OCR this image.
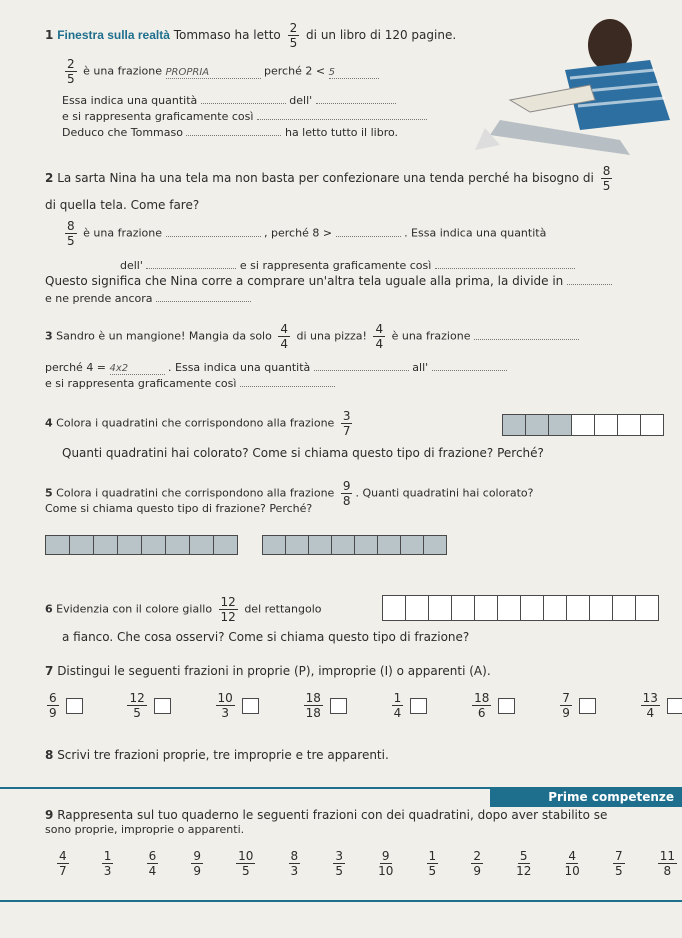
1 Finestra sulla realtà Tommaso ha letto $\frac{2}{5}$ di un libro di 120 pagine.
$\frac{2}{5}$ è una frazione PROPRIA	perché 2 < 5
Essa indica una quantità	dell'
e si rappresenta graficamente così
Deduco che Tommaso	ha letto tutto il libro.
2 La sarta Nina ha una tela ma non basta per confezionare una tenda perché ha bisogno di $\frac{8}{5}$
di quella tela. Come fare?
$\frac{8}{5}$ è una frazione	, perché 8 >	. Essa indica una quantità
dell'	e si rappresenta graficamente così
Questo significa che Nina corre a comprare un'altra tela uguale alla prima, la divide in
e ne prende ancora
3 Sandro è un mangione! Mangia da solo $\frac{4}{4}$ di una pizza! $\frac{4}{4}$ è una frazione
perché 4 = 4x2	. Essa indica una quantità	all'
e si rappresenta graficamente così
4 Colora i quadratini che corrispondono alla frazione $\frac{3}{7}$
Quanti quadratini hai colorato? Come si chiama questo tipo di frazione? Perché?
5 Colora i quadratini che corrispondono alla frazione $\frac{9}{8}$ . Quanti quadratini hai colorato?
Come si chiama questo tipo di frazione? Perché?
6 Evidenzia con il colore giallo $\frac{12}{12}$ del rettangolo
a fianco. Che cosa osservi? Come si chiama questo tipo di frazione?
7 Distingui le seguenti frazioni in proprie (P), improprie (I) o apparenti (A).
$\frac{6}{9}$	$\frac{12}{5}$	$\frac{10}{3}$	$\frac{18}{18}$	$\frac{1}{4}$	$\frac{18}{6}$	$\frac{7}{9}$	$\frac{13}{4}$
8 Scrivi tre frazioni proprie, tre improprie e tre apparenti.
Prime competenze
9 Rappresenta sul tuo quaderno le seguenti frazioni con dei quadratini, dopo aver stabilito se
sono proprie, improprie o apparenti.
$\frac{4}{7}$	$\frac{1}{3}$	$\frac{6}{4}$	$\frac{9}{9}$	$\frac{10}{5}$	$\frac{8}{3}$	$\frac{3}{5}$	$\frac{9}{10}$	$\frac{1}{5}$	$\frac{2}{9}$	$\frac{5}{12}$	$\frac{4}{10}$	$\frac{7}{5}$	$\frac{11}{8}$
